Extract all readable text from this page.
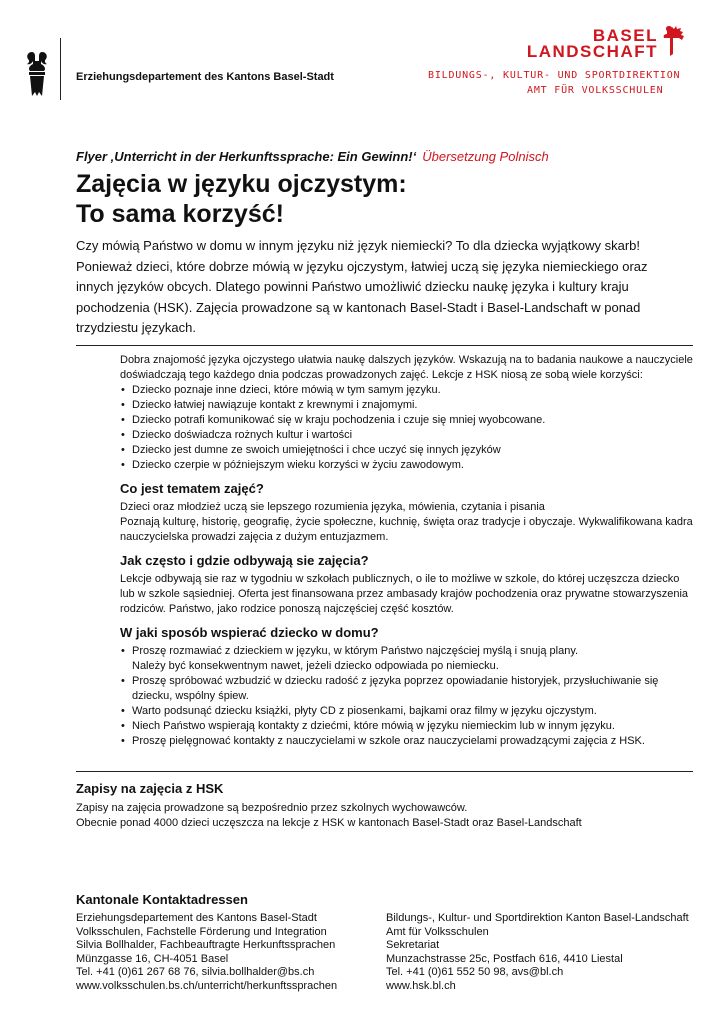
Erziehungsdepartement des Kantons Basel-Stadt
BASEL
LANDSCHAFT
BILDUNGS-, KULTUR- UND SPORTDIREKTION
AMT FÜR VOLKSSCHULEN
Flyer ‚Unterricht in der Herkunftssprache: Ein Gewinn!‘ Übersetzung Polnisch
Zajęcia w języku ojczystym:
To sama korzyść!
Czy mówią Państwo w domu w innym języku niż język niemiecki? To dla dziecka wyjątkowy skarb! Ponieważ dzieci, które dobrze mówią w języku ojczystym, łatwiej uczą się języka niemieckiego oraz innych języków obcych. Dlatego powinni Państwo umożliwić dziecku naukę języka i kultury kraju pochodzenia (HSK). Zajęcia prowadzone są w kantonach Basel-Stadt i Basel-Landschaft w ponad trzydziestu językach.

Dobra znajomość języka ojczystego ułatwia naukę dalszych języków. Wskazują na to badania naukowe a nauczyciele doświadczają tego każdego dnia podczas prowadzonych zajęć. Lekcje z HSK niosą ze sobą wiele korzyści:

• Dziecko poznaje inne dzieci, które mówią w tym samym języku.
• Dziecko łatwiej nawiązuje kontakt z krewnymi i znajomymi.
• Dziecko potrafi komunikować się w kraju pochodzenia i czuje się mniej wyobcowane.
• Dziecko doświadcza rożnych kultur i wartości
• Dziecko jest dumne ze swoich umiejętności i chce uczyć się innych języków
• Dziecko czerpie w późniejszym wieku korzyści w życiu zawodowym.
Co jest tematem zajęć?

Dzieci oraz młodzież uczą sie lepszego rozumienia języka, mówienia, czytania i pisania

Poznają kulturę, historię, geografię, życie społeczne, kuchnię, święta oraz tradycje i obyczaje. Wykwalifikowana kadra nauczycielska prowadzi zajęcia z dużym entuzjazmem.

Jak często i gdzie odbywają sie zajęcia?

Lekcje odbywają sie raz w tygodniu w szkołach publicznych, o ile to możliwe w szkole, do której uczęszcza dziecko lub w szkole sąsiedniej. Oferta jest finansowana przez ambasady krajów pochodzenia oraz prywatne stowarzyszenia rodziców. Państwo, jako rodzice ponoszą najczęściej część kosztów.

W jaki sposób wspierać dziecko w domu?
• Proszę rozmawiać z dzieckiem w języku, w którym Państwo najczęściej myślą i snują plany.
Należy być konsekwentnym nawet, jeżeli dziecko odpowiada po niemiecku.
• Proszę spróbować wzbudzić w dziecku radość z języka poprzez opowiadanie historyjek, przysłuchiwanie się dziecku, wspólny śpiew.
• Warto podsunąć dziecku książki, płyty CD z piosenkami, bajkami oraz filmy w języku ojczystym.
• Niech Państwo wspierają kontakty z dziećmi, które mówią w języku niemieckim lub w innym języku.
• Proszę pielęgnować kontakty z nauczycielami w szkole oraz nauczycielami prowadzącymi zajęcia z HSK.
Zapisy na zajęcia z HSK
Zapisy na zajęcia prowadzone są bezpośrednio przez szkolnych wychowawców.
Obecnie ponad 4000 dzieci uczęszcza na lekcje z HSK w kantonach Basel-Stadt oraz Basel-Landschaft
Kantonale Kontaktadressen
Erziehungsdepartement des Kantons Basel-Stadt
Volksschulen, Fachstelle Förderung und Integration
Silvia Bollhalder, Fachbeauftragte Herkunftssprachen
Münzgasse 16, CH-4051 Basel
Tel. +41 (0)61 267 68 76, silvia.bollhalder@bs.ch
www.volksschulen.bs.ch/unterricht/herkunftssprachen
Bildungs-, Kultur- und Sportdirektion Kanton Basel-Landschaft
Amt für Volksschulen
Sekretariat
Munzachstrasse 25c, Postfach 616, 4410 Liestal
Tel. +41 (0)61 552 50 98, avs@bl.ch
www.hsk.bl.ch
